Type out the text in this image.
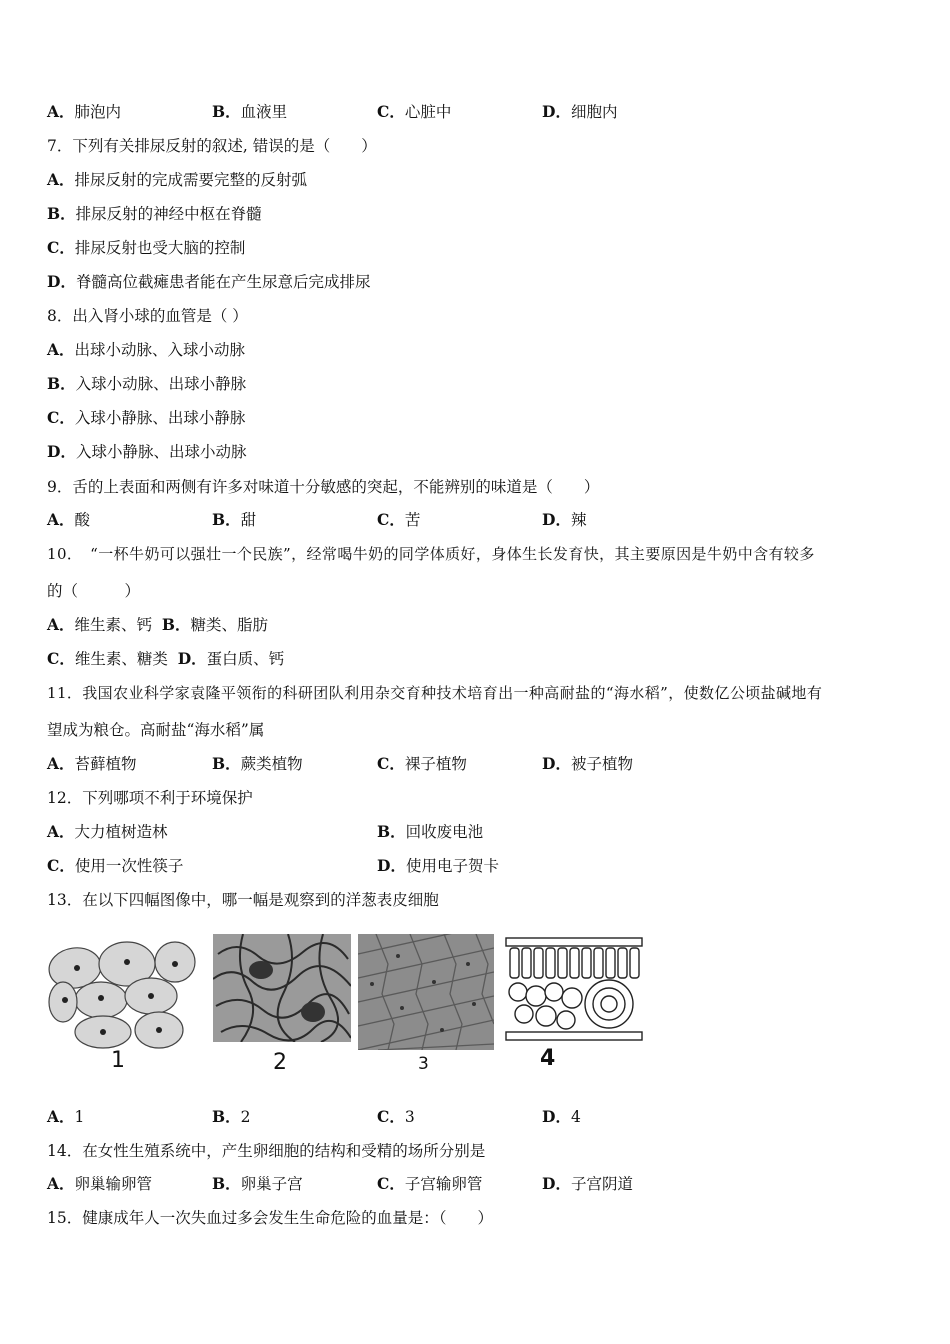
A．肺泡内	B．血液里	C．心脏中	D．细胞内
7．下列有关排尿反射的叙述, 错误的是（　　）
A．排尿反射的完成需要完整的反射弧
B．排尿反射的神经中枢在脊髓
C．排尿反射也受大脑的控制
D．脊髓高位截瘫患者能在产生尿意后完成排尿
8．出入肾小球的血管是（ ）
A．出球小动脉、入球小动脉
B．入球小动脉、出球小静脉
C．入球小静脉、出球小静脉
D．入球小静脉、出球小动脉
9．舌的上表面和两侧有许多对味道十分敏感的突起，不能辨别的味道是（　　）
A．酸	B．甜	C．苦	D．辣
10．　“一杯牛奶可以强壮一个民族”，经常喝牛奶的同学体质好，身体生长发育快，其主要原因是牛奶中含有较多
的（　　　）
A．维生素、钙 B．糖类、脂肪
C．维生素、糖类 D．蛋白质、钙
11．我国农业科学家袁隆平领衔的科研团队利用杂交育种技术培育出一种高耐盐的“海水稻”，使数亿公顷盐碱地有
望成为粮仓。高耐盐“海水稻”属
A．苔藓植物	B．蕨类植物	C．裸子植物	D．被子植物
12．下列哪项不利于环境保护
A．大力植树造林	B．回收废电池
C．使用一次性筷子	D．使用电子贺卡
13．在以下四幅图像中，哪一幅是观察到的洋葱表皮细胞
1	2	3	4
A．1	B．2	C．3	D．4
14．在女性生殖系统中，产生卵细胞的结构和受精的场所分别是
A．卵巢输卵管	B．卵巢子宫	C．子宫输卵管	D．子宫阴道
15．健康成年人一次失血过多会发生生命危险的血量是：（　　）
